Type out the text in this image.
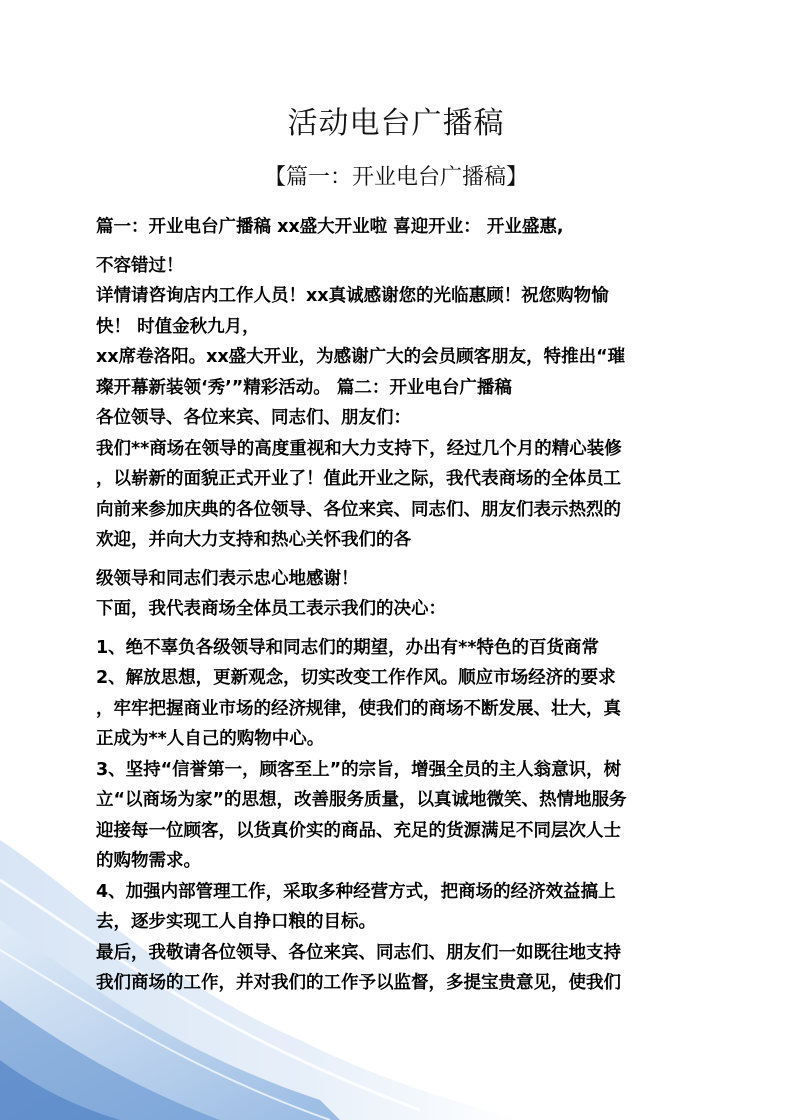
活动电台广播稿
【篇一：开业电台广播稿】
篇一：开业电台广播稿 xx盛大开业啦 喜迎开业： 开业盛惠,
不容错过！
详情请咨询店内工作人员！xx真诚感谢您的光临惠顾！祝您购物愉
快！ 时值金秋九月，
xx席卷洛阳。xx盛大开业，为感谢广大的会员顾客朋友，特推出“璀
璨开幕新装领‘秀’”精彩活动。 篇二：开业电台广播稿
各位领导、各位来宾、同志们、朋友们：
我们**商场在领导的高度重视和大力支持下，经过几个月的精心装修
，以崭新的面貌正式开业了！值此开业之际，我代表商场的全体员工
向前来参加庆典的各位领导、各位来宾、同志们、朋友们表示热烈的
欢迎，并向大力支持和热心关怀我们的各
级领导和同志们表示忠心地感谢！
下面，我代表商场全体员工表示我们的决心：
1、绝不辜负各级领导和同志们的期望，办出有**特色的百货商常
2、解放思想，更新观念，切实改变工作作风。顺应市场经济的要求
，牢牢把握商业市场的经济规律，使我们的商场不断发展、壮大，真
正成为**人自己的购物中心。
3、坚持“信誉第一，顾客至上”的宗旨，增强全员的主人翁意识，树
立“以商场为家”的思想，改善服务质量，以真诚地微笑、热情地服务
迎接每一位顾客，以货真价实的商品、充足的货源满足不同层次人士
的购物需求。
4、加强内部管理工作，采取多种经营方式，把商场的经济效益搞上
去，逐步实现工人自挣口粮的目标。
最后，我敬请各位领导、各位来宾、同志们、朋友们一如既往地支持
我们商场的工作，并对我们的工作予以监督，多提宝贵意见，使我们
